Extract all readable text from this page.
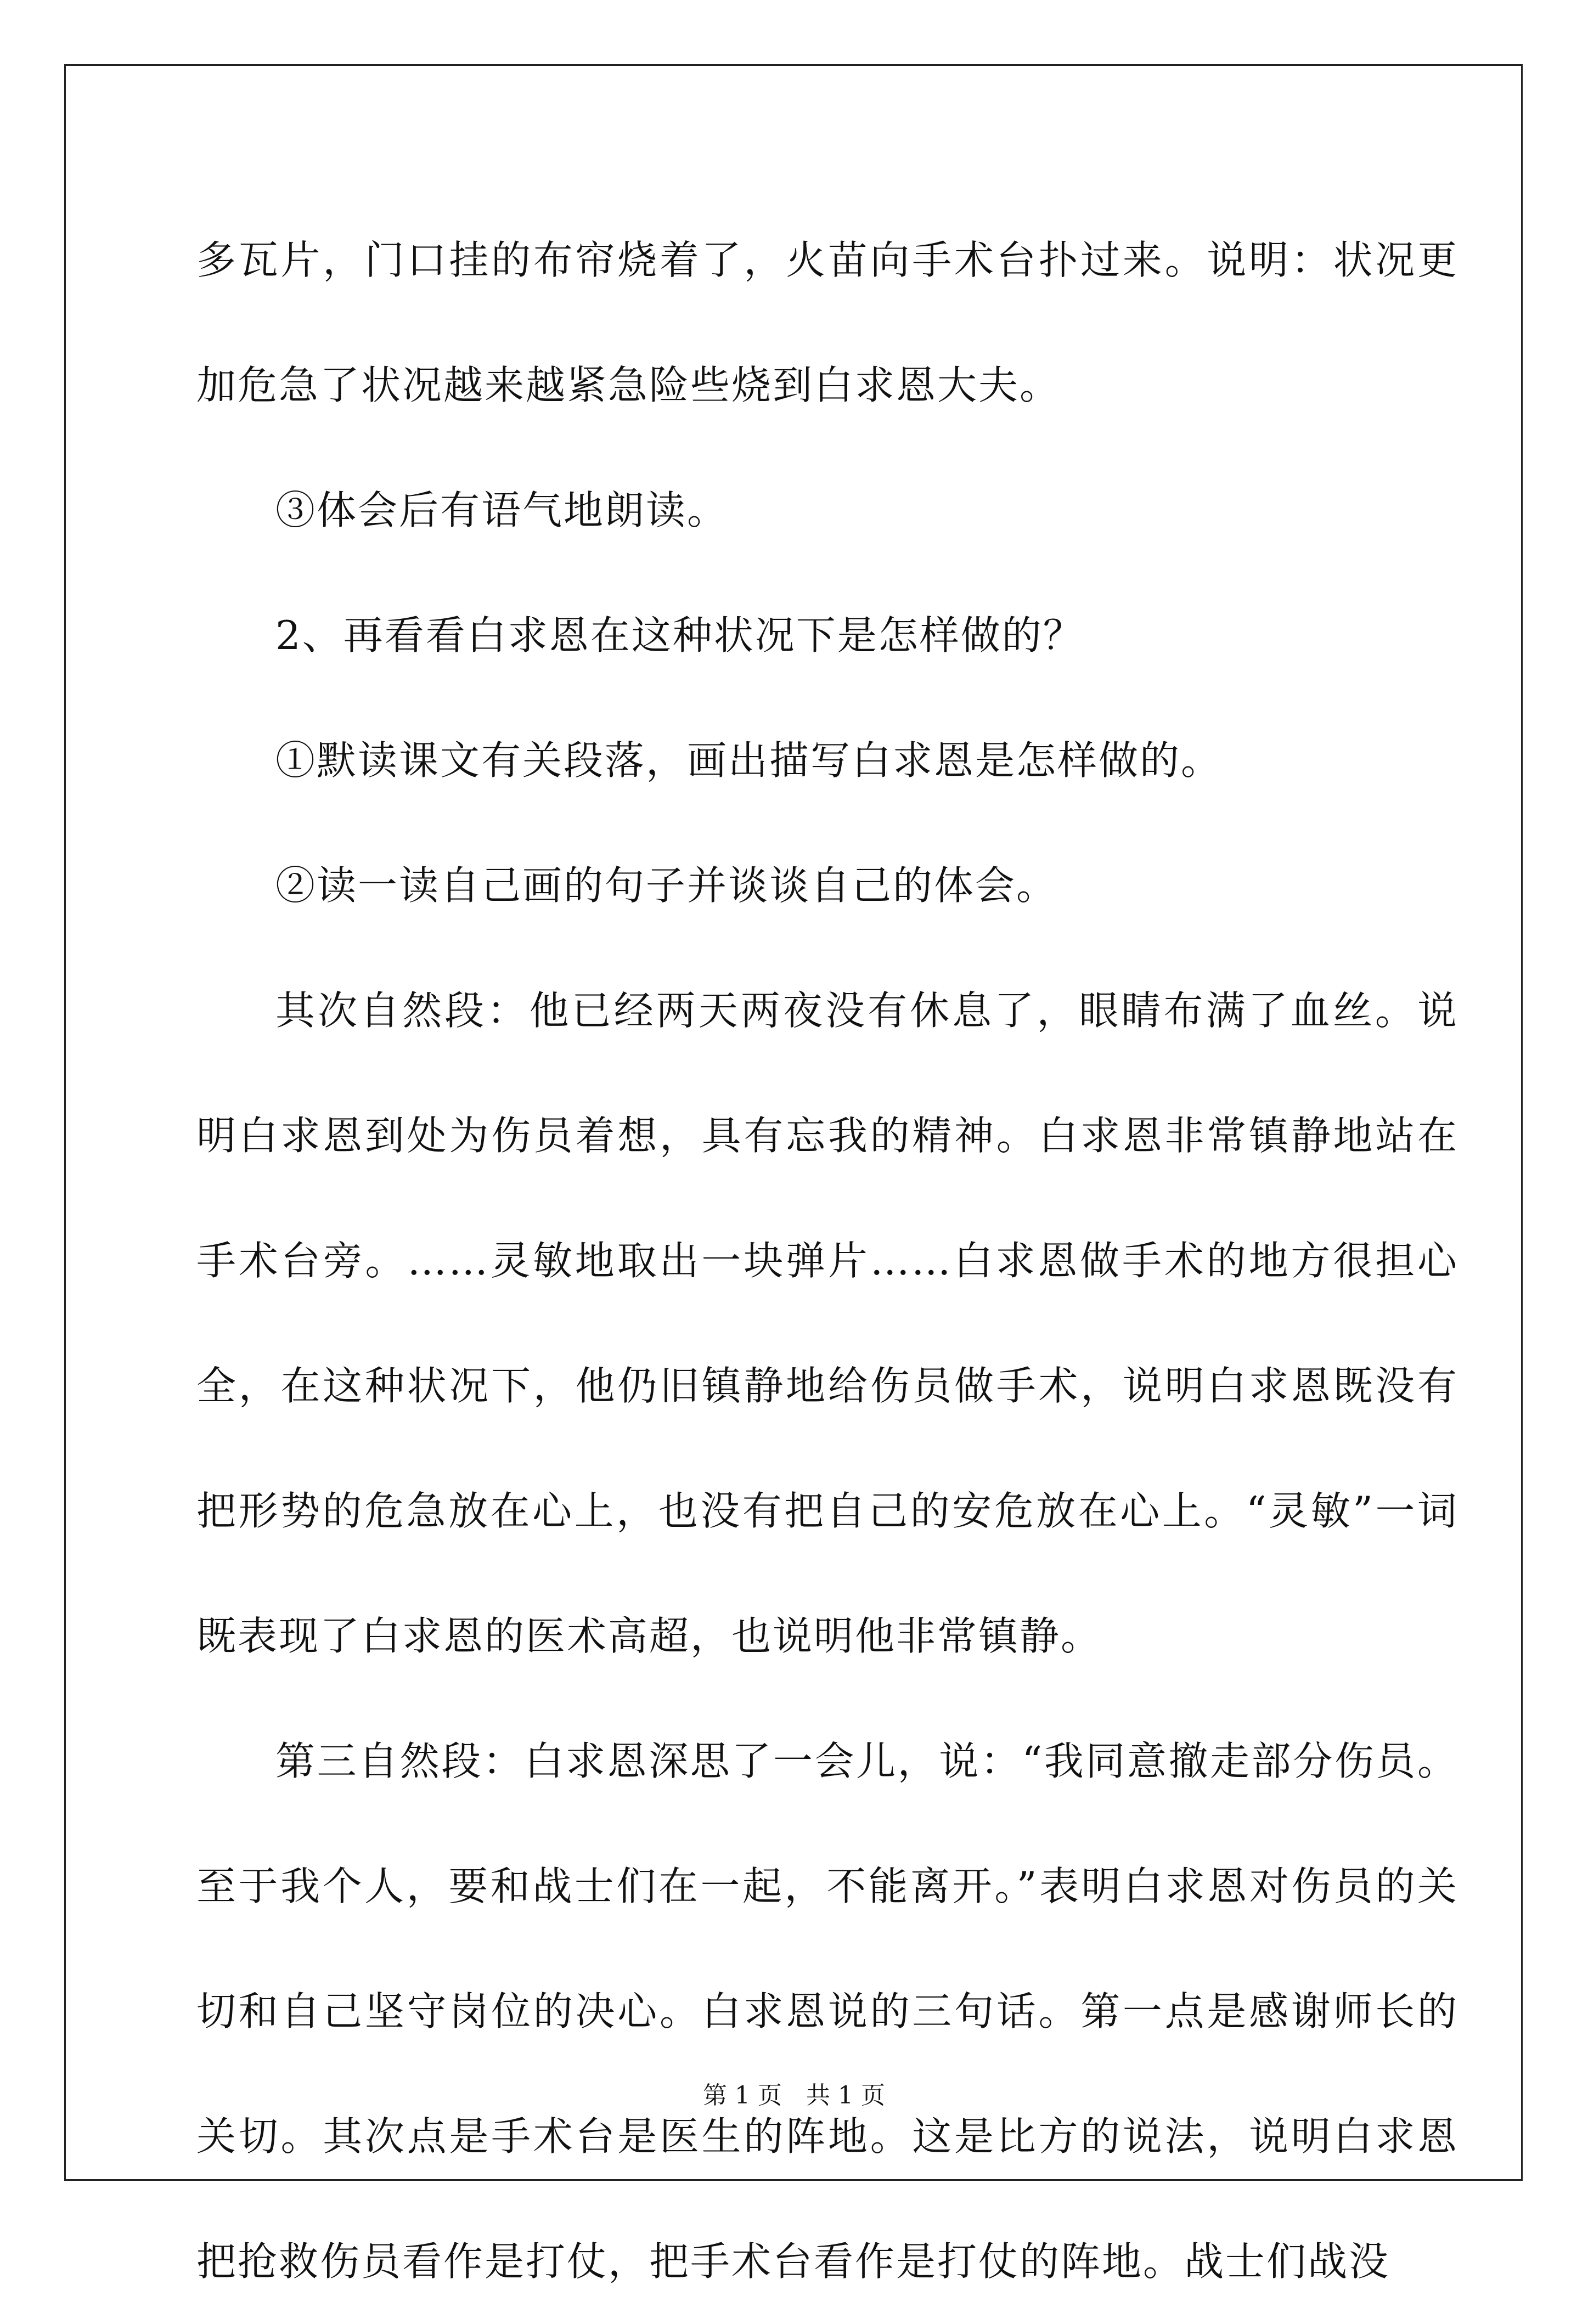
多瓦片，门口挂的布帘烧着了，火苗向手术台扑过来。说明：状况更加危急了状况越来越紧急险些烧到白求恩大夫。

③体会后有语气地朗读。

2、再看看白求恩在这种状况下是怎样做的？

①默读课文有关段落，画出描写白求恩是怎样做的。

②读一读自己画的句子并谈谈自己的体会。

其次自然段：他已经两天两夜没有休息了，眼睛布满了血丝。说明白求恩到处为伤员着想，具有忘我的精神。白求恩非常镇静地站在手术台旁。……灵敏地取出一块弹片……白求恩做手术的地方很担心全，在这种状况下，他仍旧镇静地给伤员做手术，说明白求恩既没有把形势的危急放在心上，也没有把自己的安危放在心上。“灵敏”一词既表现了白求恩的医术高超，也说明他非常镇静。

第三自然段：白求恩深思了一会儿，说：“我同意撤走部分伤员。至于我个人，要和战士们在一起，不能离开。”表明白求恩对伤员的关切和自己坚守岗位的决心。白求恩说的三句话。第一点是感谢师长的关切。其次点是手术台是医生的阵地。这是比方的说法，说明白求恩把抢救伤员看作是打仗，把手术台看作是打仗的阵地。战士们战没

第 1 页　共 1 页
